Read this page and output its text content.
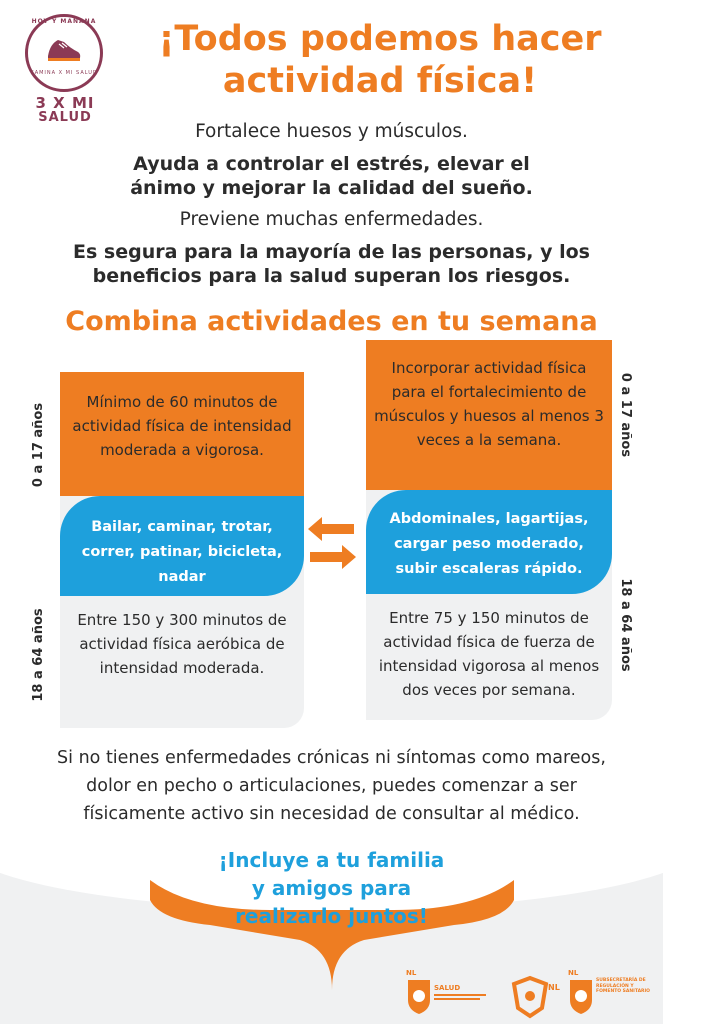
HOY Y MAÑANA
CAMINA X MI SALUD
3 X MI
SALUD
¡Todos podemos hacer actividad física!
Fortalece huesos y músculos.
Ayuda a controlar el estrés, elevar el ánimo y mejorar la calidad del sueño.
Previene muchas enfermedades.
Es segura para la mayoría de las personas, y los beneficios para la salud superan los riesgos.
Combina actividades en tu semana
Mínimo de 60 minutos de actividad física de intensidad moderada a vigorosa.
Bailar, caminar, trotar, correr, patinar, bicicleta, nadar
Entre 150 y 300 minutos de actividad física aeróbica de intensidad moderada.
Incorporar actividad física para el fortalecimiento de músculos y huesos al menos 3 veces a la semana.
Abdominales, lagartijas, cargar peso moderado, subir escaleras rápido.
Entre 75 y 150 minutos de actividad física de fuerza de intensidad vigorosa al menos dos veces por semana.
0 a 17 años
18 a 64 años
0 a 17 años
18 a 64 años
Si no tienes enfermedades crónicas ni síntomas como mareos, dolor en pecho o articulaciones, puedes comenzar a ser físicamente activo sin necesidad de consultar al médico.
¡Incluye a tu familia y amigos para realizarlo juntos!
NL
SALUD	NL
NL
SUBSECRETARÍA DE REGULACIÓN Y FOMENTO SANITARIO
